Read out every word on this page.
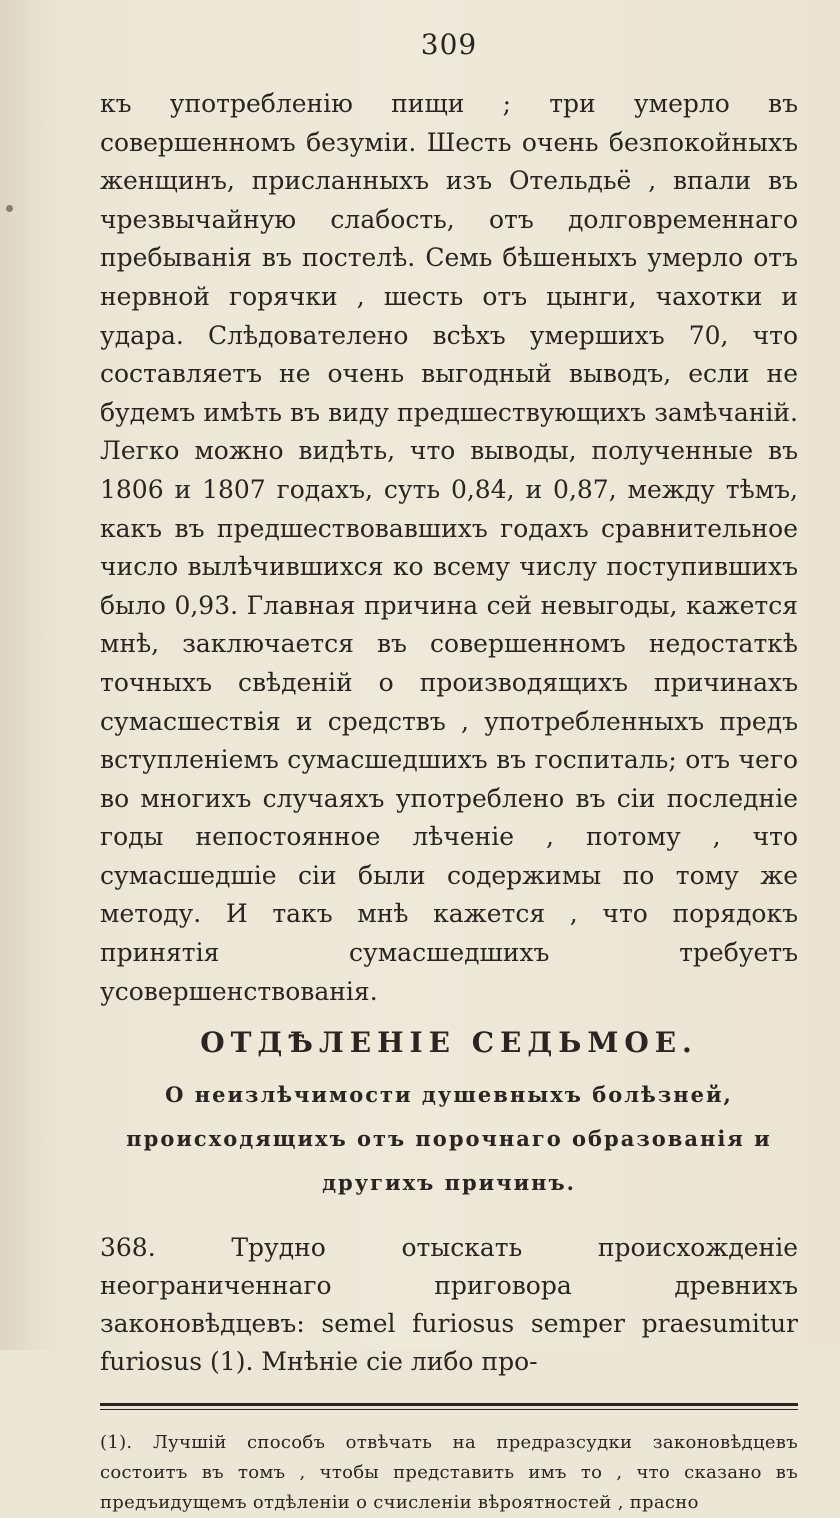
309

къ употребленію пищи ; три умерло въ совершенномъ безуміи. Шесть очень безпокойныхъ женщинъ, присланныхъ изъ Отельдьё , впали въ чрезвычайную слабость, отъ долговременнаго пребыванія въ постелѣ. Семь бѣшеныхъ умерло отъ нервной горячки , шесть отъ цынги, чахотки и удара. Слѣдователено всѣхъ умершихъ 70, что составляетъ не очень выгодный выводъ, если не будемъ имѣть въ виду предшествующихъ замѣчаній. Легко можно видѣть, что выводы, полученные въ 1806 и 1807 годахъ, суть 0,84, и 0,87, между тѣмъ, какъ въ предшествовавшихъ годахъ сравнительное число вылѣчившихся ко всему числу поступившихъ было 0,93. Главная причина сей невыгоды, кажется мнѣ, заключается въ совершенномъ недостаткѣ точныхъ свѣденій о производящихъ причинахъ сумасшествія и средствъ , употребленныхъ предъ вступленіемъ сумасшедшихъ въ госпиталь; отъ чего во многихъ случаяхъ употреблено въ сіи последніе годы непостоянное лѣченіе , потому , что сумасшедшіе сіи были содержимы по тому же методу. И такъ мнѣ кажется , что порядокъ принятія сумасшедшихъ требуетъ усовершенствованія.

ОТДѢЛЕНІЕ СЕДЬМОЕ.
О неизлѣчимости душевныхъ болѣзней, происходящихъ отъ порочнаго образованія и другихъ причинъ.

368.	Трудно отыскать происхожденіе неограниченнаго приговора древнихъ законовѣдцевъ: semel furiosus semper praesumitur furiosus (1). Мнѣніе сіе либо про-

(1). Лучшій способъ отвѣчать на предразсудки законовѣдцевъ состоитъ въ томъ , чтобы представить имъ то , что сказано въ предъидущемъ отдѣленіи о счисленіи вѣроятностей , прасно
